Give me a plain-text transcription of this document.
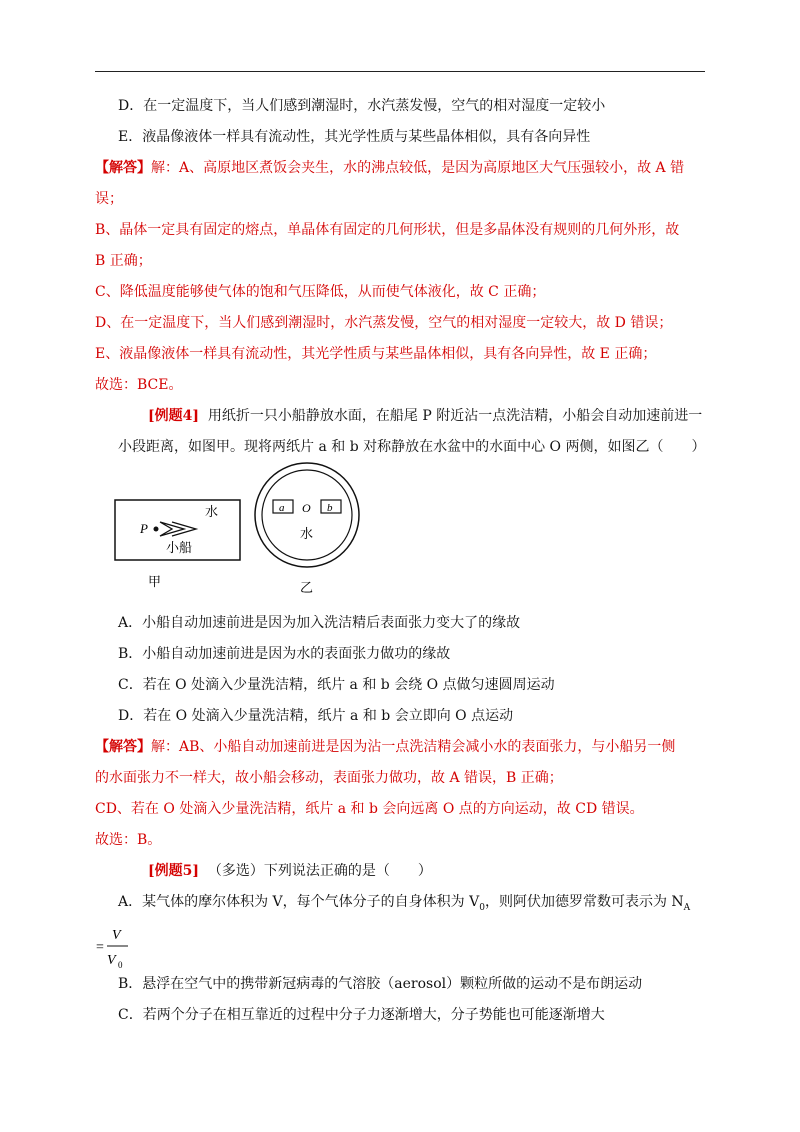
D．在一定温度下，当人们感到潮湿时，水汽蒸发慢，空气的相对湿度一定较小
E．液晶像液体一样具有流动性，其光学性质与某些晶体相似，具有各向异性
【解答】解：A、高原地区煮饭会夹生，水的沸点较低，是因为高原地区大气压强较小，故 A 错
误；
B、晶体一定具有固定的熔点，单晶体有固定的几何形状，但是多晶体没有规则的几何外形，故
B 正确；
C、降低温度能够使气体的饱和气压降低，从而使气体液化，故 C 正确；
D、在一定温度下，当人们感到潮湿时，水汽蒸发慢，空气的相对湿度一定较大，故 D 错误；
E、液晶像液体一样具有流动性，其光学性质与某些晶体相似，具有各向异性，故 E 正确；
故选：BCE。
[例题4] 用纸折一只小船静放水面，在船尾 P 附近沾一点洗洁精，小船会自动加速前进一
小段距离，如图甲。现将两纸片 a 和 b 对称静放在水盆中的水面中心 O 两侧，如图乙（　　）
P
水
小船
甲
a O b
水
乙
A．小船自动加速前进是因为加入洗洁精后表面张力变大了的缘故
B．小船自动加速前进是因为水的表面张力做功的缘故
C．若在 O 处滴入少量洗洁精，纸片 a 和 b 会绕 O 点做匀速圆周运动
D．若在 O 处滴入少量洗洁精，纸片 a 和 b 会立即向 O 点运动
【解答】解：AB、小船自动加速前进是因为沾一点洗洁精会减小水的表面张力，与小船另一侧
的水面张力不一样大，故小船会移动，表面张力做功，故 A 错误，B 正确；
CD、若在 O 处滴入少量洗洁精，纸片 a 和 b 会向远离 O 点的方向运动，故 CD 错误。
故选：B。
[例题5] （多选）下列说法正确的是（　　）
A．某气体的摩尔体积为 V，每个气体分子的自身体积为 $V_0$，则阿伏加德罗常数可表示为 $N_A$
=
V
V 0
B．悬浮在空气中的携带新冠病毒的气溶胶（aerosol）颗粒所做的运动不是布朗运动
C．若两个分子在相互靠近的过程中分子力逐渐增大，分子势能也可能逐渐增大
